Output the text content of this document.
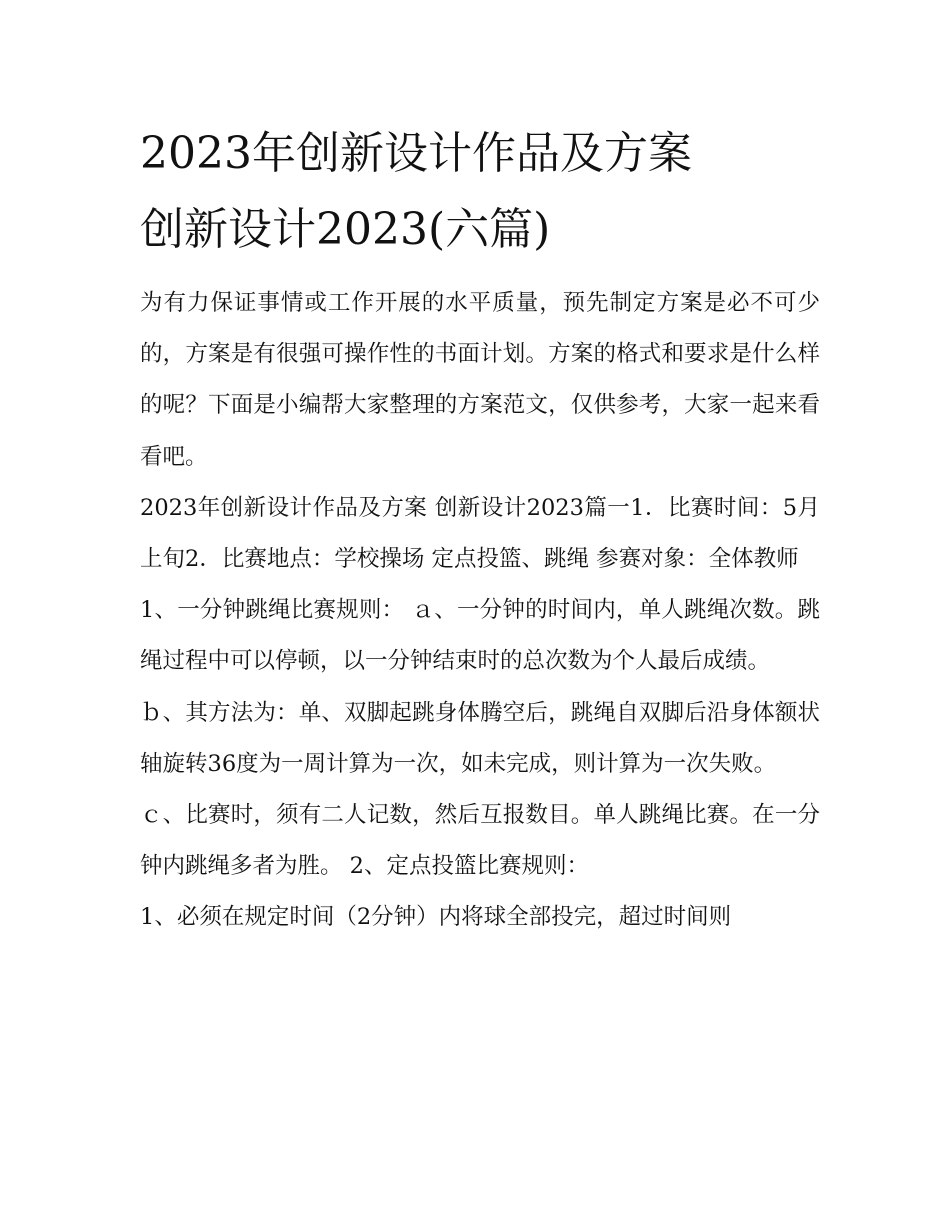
2023年创新设计作品及方案
创新设计2023(六篇)

为有力保证事情或工作开展的水平质量，预先制定方案是必不可少的，方案是有很强可操作性的书面计划。方案的格式和要求是什么样的呢？下面是小编帮大家整理的方案范文，仅供参考，大家一起来看看吧。

2023年创新设计作品及方案 创新设计2023篇一1．比赛时间：5月上旬2．比赛地点：学校操场 定点投篮、跳绳 参赛对象：全体教师

1、一分钟跳绳比赛规则： ａ、一分钟的时间内，单人跳绳次数。跳绳过程中可以停顿，以一分钟结束时的总次数为个人最后成绩。

ｂ、其方法为：单、双脚起跳身体腾空后，跳绳自双脚后沿身体额状轴旋转36度为一周计算为一次，如未完成，则计算为一次失败。

ｃ、比赛时，须有二人记数，然后互报数目。单人跳绳比赛。在一分钟内跳绳多者为胜。 2、定点投篮比赛规则：

1、必须在规定时间（2分钟）内将球全部投完，超过时间则
